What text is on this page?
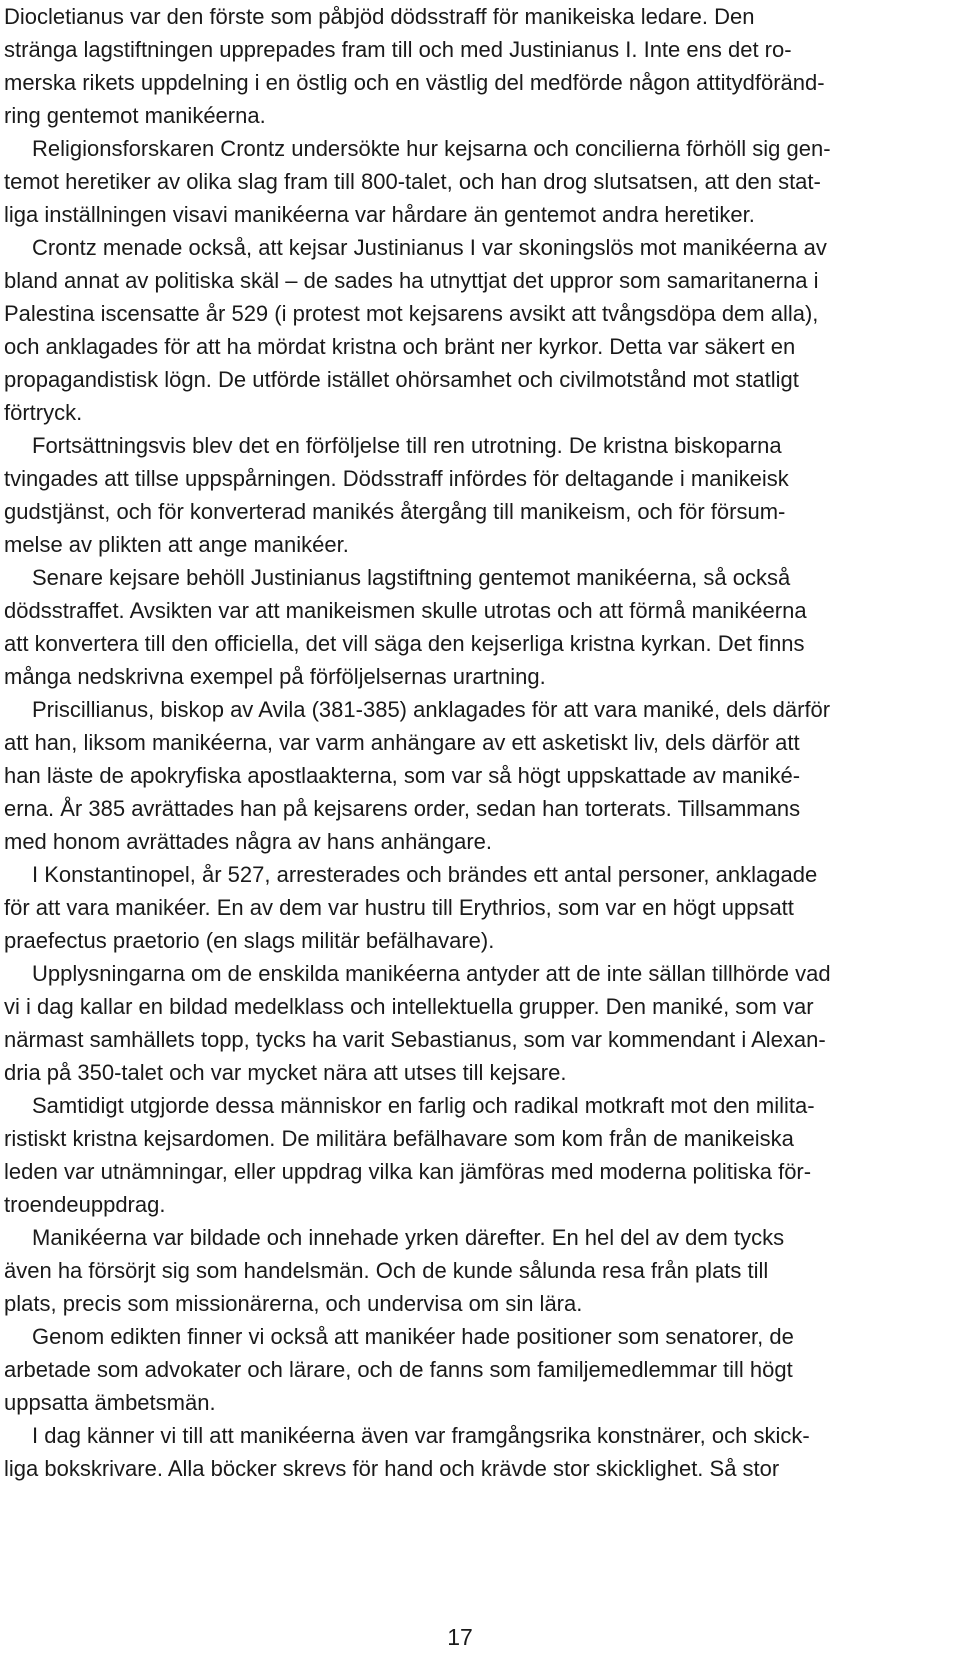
Diocletianus var den förste som påbjöd dödsstraff för manikeiska ledare. Den
stränga lagstiftningen upprepades fram till och med Justinianus I. Inte ens det ro-
merska rikets uppdelning i en östlig och en västlig del medförde någon attitydföränd-
ring gentemot manikéerna.
Religionsforskaren Crontz undersökte hur kejsarna och concilierna förhöll sig gen-
temot heretiker av olika slag fram till 800-talet, och han drog slutsatsen, att den stat-
liga inställningen visavi manikéerna var hårdare än gentemot andra heretiker.
Crontz menade också, att kejsar Justinianus I var skoningslös mot manikéerna av
bland annat av politiska skäl – de sades ha utnyttjat det uppror som samaritanerna i
Palestina iscensatte år 529 (i protest mot kejsarens avsikt att tvångsdöpa dem alla),
och anklagades för att ha mördat kristna och bränt ner kyrkor. Detta var säkert en
propagandistisk lögn. De utförde istället ohörsamhet och civilmotstånd mot statligt
förtryck.
Fortsättningsvis blev det en förföljelse till ren utrotning. De kristna biskoparna
tvingades att tillse uppspårningen. Dödsstraff infördes för deltagande i manikeisk
gudstjänst, och för konverterad manikés återgång till manikeism, och för försum-
melse av plikten att ange manikéer.
Senare kejsare behöll Justinianus lagstiftning gentemot manikéerna, så också
dödsstraffet. Avsikten var att manikeismen skulle utrotas och att förmå manikéerna
att konvertera till den officiella, det vill säga den kejserliga kristna kyrkan. Det finns
många nedskrivna exempel på förföljelsernas urartning.
Priscillianus, biskop av Avila (381-385) anklagades för att vara maniké, dels därför
att han, liksom manikéerna, var varm anhängare av ett asketiskt liv, dels därför att
han läste de apokryfiska apostlaakterna, som var så högt uppskattade av maniké-
erna. År 385 avrättades han på kejsarens order, sedan han torterats. Tillsammans
med honom avrättades några av hans anhängare.
I Konstantinopel, år 527, arresterades och brändes ett antal personer, anklagade
för att vara manikéer. En av dem var hustru till Erythrios, som var en högt uppsatt
praefectus praetorio (en slags militär befälhavare).
Upplysningarna om de enskilda manikéerna antyder att de inte sällan tillhörde vad
vi i dag kallar en bildad medelklass och intellektuella grupper. Den maniké, som var
närmast samhällets topp, tycks ha varit Sebastianus, som var kommendant i Alexan-
dria på 350-talet och var mycket nära att utses till kejsare.
Samtidigt utgjorde dessa människor en farlig och radikal motkraft mot den milita-
ristiskt kristna kejsardomen. De militära befälhavare som kom från de manikeiska
leden var utnämningar, eller uppdrag vilka kan jämföras med moderna politiska för-
troendeuppdrag.
Manikéerna var bildade och innehade yrken därefter. En hel del av dem tycks
även ha försörjt sig som handelsmän. Och de kunde sålunda resa från plats till
plats, precis som missionärerna, och undervisa om sin lära.
Genom edikten finner vi också att manikéer hade positioner som senatorer, de
arbetade som advokater och lärare, och de fanns som familjemedlemmar till högt
uppsatta ämbetsmän.
I dag känner vi till att manikéerna även var framgångsrika konstnärer, och skick-
liga bokskrivare. Alla böcker skrevs för hand och krävde stor skicklighet. Så stor
17
